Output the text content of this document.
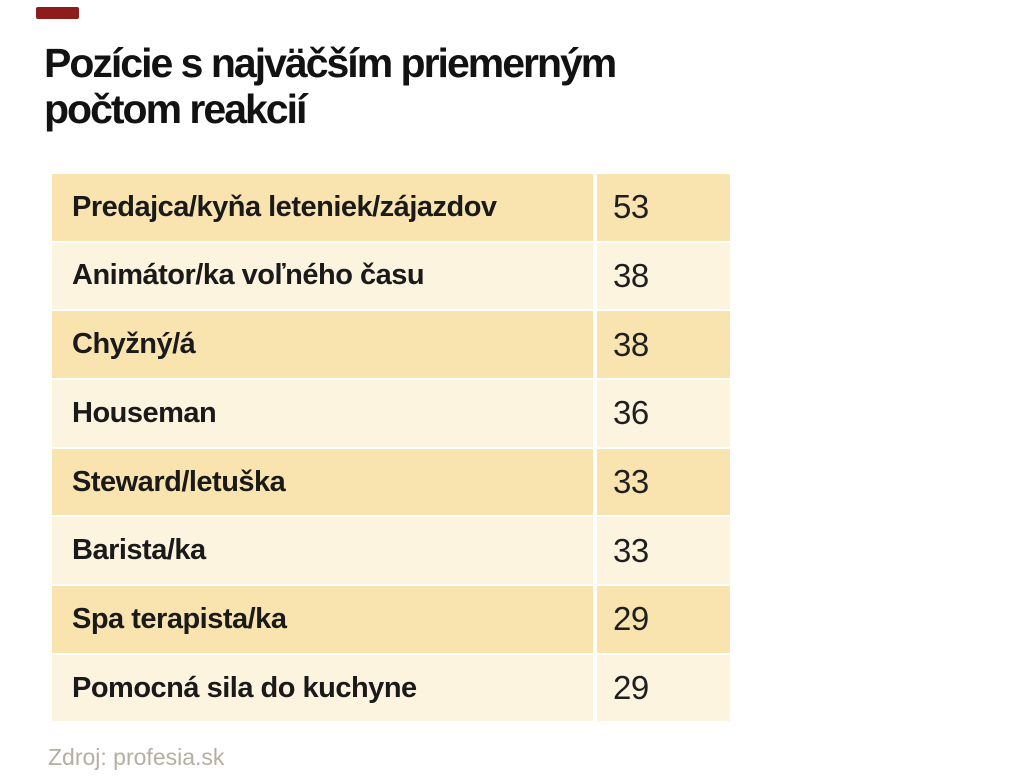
Pozície s najväčším priemerným
počtom reakcií
Predajca/kyňa leteniek/zájazdov	53
Animátor/ka voľného času	38
Chyžný/á	38
Houseman	36
Steward/letuška	33
Barista/ka	33
Spa terapista/ka	29
Pomocná sila do kuchyne	29
Zdroj: profesia.sk
